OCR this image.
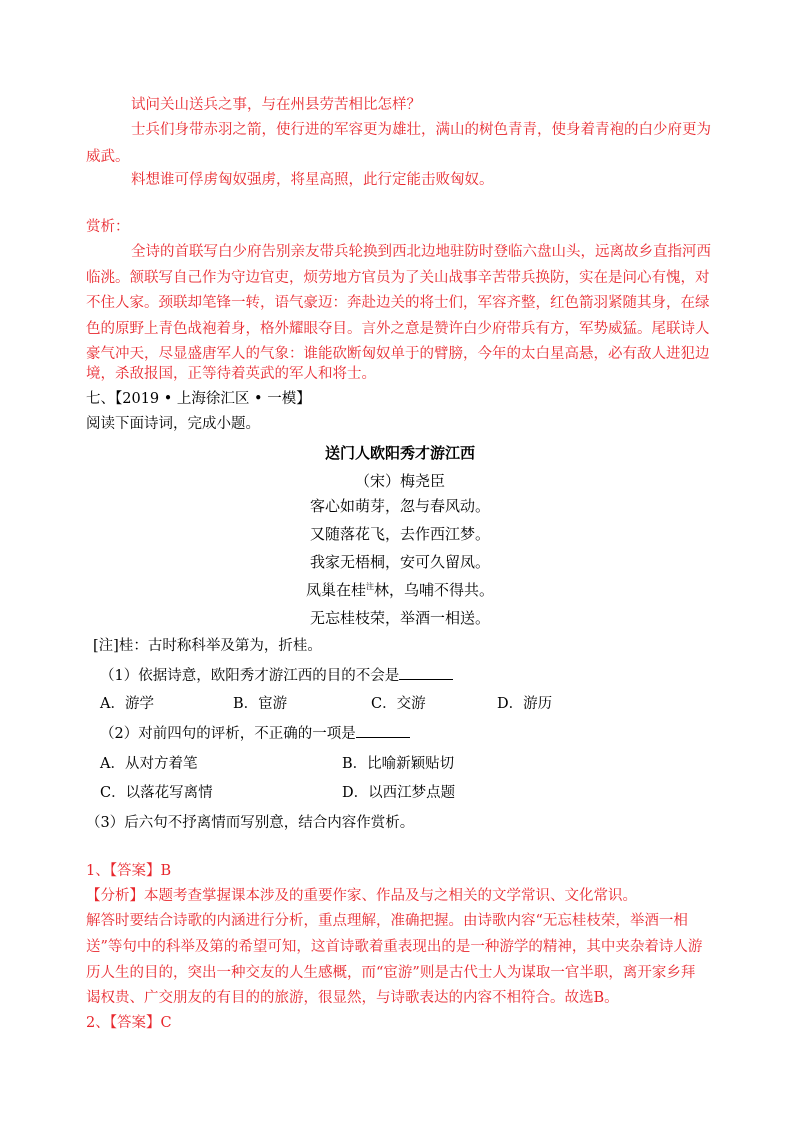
试问关山送兵之事，与在州县劳苦相比怎样？
士兵们身带赤羽之箭，使行进的军容更为雄壮，满山的树色青青，使身着青袍的白少府更为
威武。
料想谁可俘虏匈奴强虏，将星高照，此行定能击败匈奴。
赏析：
全诗的首联写白少府告别亲友带兵轮换到西北边地驻防时登临六盘山头，远离故乡直指河西
临洮。颔联写自己作为守边官吏，烦劳地方官员为了关山战事辛苦带兵换防，实在是问心有愧，对
不住人家。颈联却笔锋一转，语气豪迈：奔赴边关的将士们，军容齐整，红色箭羽紧随其身，在绿
色的原野上青色战袍着身，格外耀眼夺目。言外之意是赞许白少府带兵有方，军势威猛。尾联诗人
豪气冲天，尽显盛唐军人的气象：谁能砍断匈奴单于的臂膀，今年的太白星高悬，必有敌人进犯边
境，杀敌报国，正等待着英武的军人和将士。
七、【2019 • 上海徐汇区 • 一模】
阅读下面诗词，完成小题。
送门人欧阳秀才游江西
（宋）梅尧臣
客心如萌芽，忽与春风动。
又随落花飞，去作西江梦。
我家无梧桐，安可久留凤。
凤巢在桂$^注$林，乌哺不得共。
无忘桂枝荣，举酒一相送。
[注]桂：古时称科举及第为，折桂。
（1）依据诗意，欧阳秀才游江西的目的不会是
A．游学	B．宦游	C．交游	D．游历
（2）对前四句的评析，不正确的一项是
A．从对方着笔	B．比喻新颖贴切
C．以落花写离情	D．以西江梦点题
（3）后六句不抒离情而写别意，结合内容作赏析。
1、【答案】B
【分析】本题考查掌握课本涉及的重要作家、作品及与之相关的文学常识、文化常识。
解答时要结合诗歌的内涵进行分析，重点理解，准确把握。由诗歌内容“无忘桂枝荣，举酒一相
送”等句中的科举及第的希望可知，这首诗歌着重表现出的是一种游学的精神，其中夹杂着诗人游
历人生的目的，突出一种交友的人生感概，而“宦游”则是古代士人为谋取一官半职，离开家乡拜
谒权贵、广交朋友的有目的的旅游，很显然，与诗歌表达的内容不相符合。故选B。
2、【答案】C
